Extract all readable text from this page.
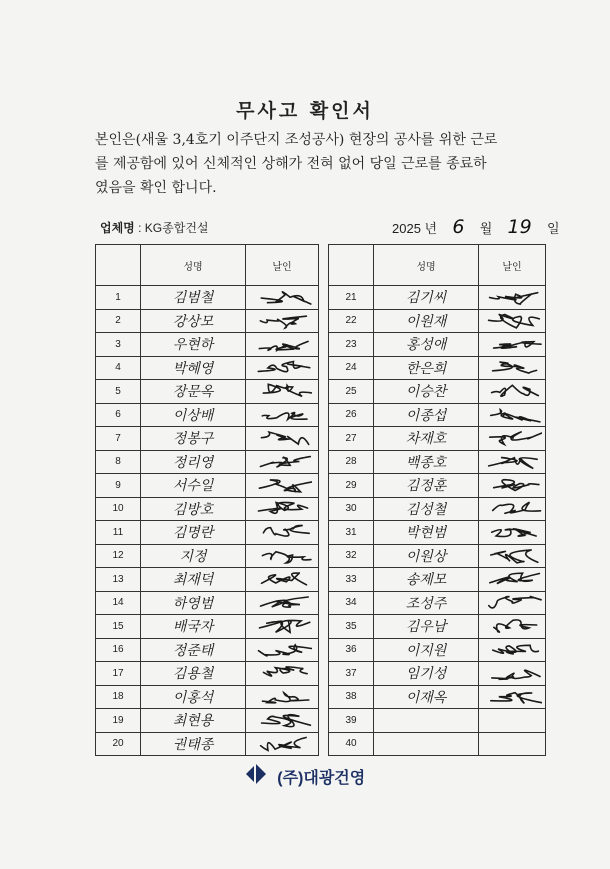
무사고 확인서
본인은(새울 3,4호기 이주단지 조성공사) 현장의 공사를 위한 근로
를 제공함에 있어 신체적인 상해가 전혀 없어 당일 근로를 종료하
였음을 확인 합니다.
업체명 : KG종합건설	2025 년 6 월 19 일
	성명	날인			성명	날인
1	김범철			21	김기씨	

2	강상모			22	이원재	

3	우현하			23	홍성애	

4	박혜영			24	한은희	

5	장문옥			25	이승찬	

6	이상배			26	이종섭	

7	정봉구			27	차재호	

8	정리영			28	백종호	

9	서수일			29	김정훈	

10	김방호			30	김성철	

11	김명란			31	박현범	

12	지정			32	이원상	

13	최재덕			33	송제모	

14	하영범			34	조성주	

15	배국자			35	김우남	

16	정준태			36	이지원	

17	김용철			37	임기성	

18	이홍석			38	이재옥	

19	최현용			39		
20	권태종			40		
(주)대광건영
